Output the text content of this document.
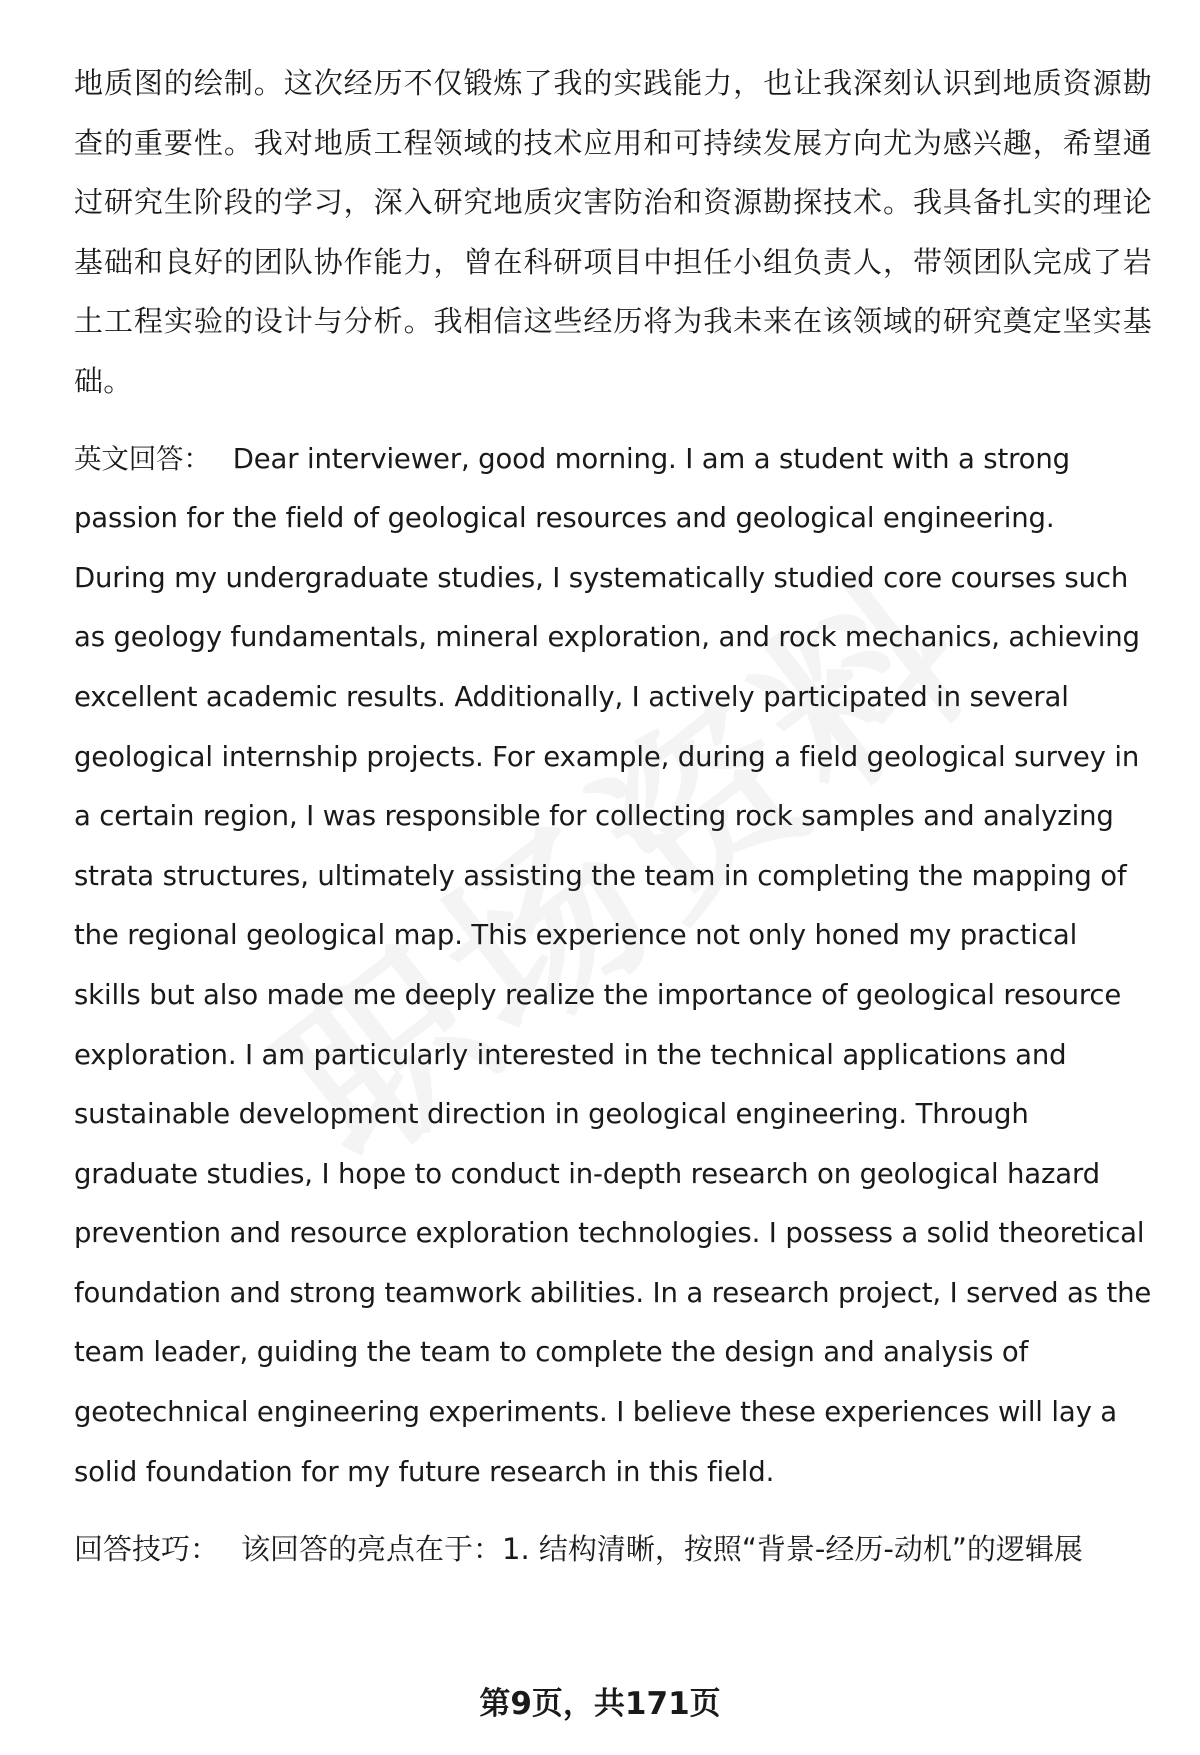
地质图的绘制。这次经历不仅锻炼了我的实践能力，也让我深刻认识到地质资源勘查的重要性。我对地质工程领域的技术应用和可持续发展方向尤为感兴趣，希望通过研究生阶段的学习，深入研究地质灾害防治和资源勘探技术。我具备扎实的理论基础和良好的团队协作能力，曾在科研项目中担任小组负责人，带领团队完成了岩土工程实验的设计与分析。我相信这些经历将为我未来在该领域的研究奠定坚实基础。

英文回答： Dear interviewer, good morning. I am a student with a strong passion for the field of geological resources and geological engineering. During my undergraduate studies, I systematically studied core courses such as geology fundamentals, mineral exploration, and rock mechanics, achieving excellent academic results. Additionally, I actively participated in several geological internship projects. For example, during a field geological survey in a certain region, I was responsible for collecting rock samples and analyzing strata structures, ultimately assisting the team in completing the mapping of the regional geological map. This experience not only honed my practical skills but also made me deeply realize the importance of geological resource exploration. I am particularly interested in the technical applications and sustainable development direction in geological engineering. Through graduate studies, I hope to conduct in-depth research on geological hazard prevention and resource exploration technologies. I possess a solid theoretical foundation and strong teamwork abilities. In a research project, I served as the team leader, guiding the team to complete the design and analysis of geotechnical engineering experiments. I believe these experiences will lay a solid foundation for my future research in this field.

回答技巧： 该回答的亮点在于：1. 结构清晰，按照“背景-经历-动机”的逻辑展

第9页，共171页
